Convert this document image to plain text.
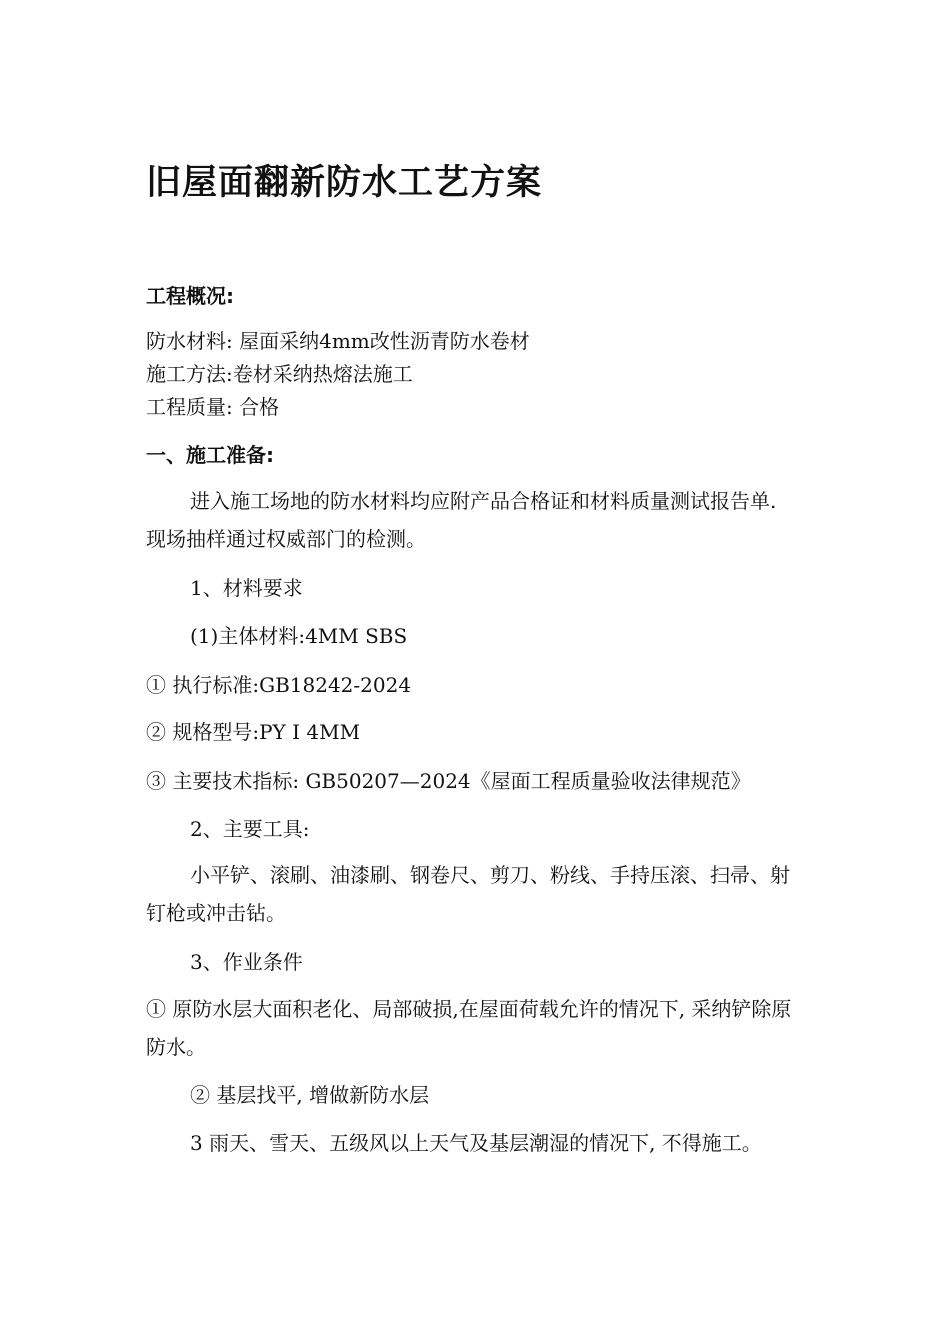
旧屋面翻新防水工艺方案
工程概况:
防水材料: 屋面采纳4mm改性沥青防水卷材
施工方法:卷材采纳热熔法施工
工程质量: 合格
一、施工准备:
进入施工场地的防水材料均应附产品合格证和材料质量测试报告单.现场抽样通过权威部门的检测。
1、材料要求
(1)主体材料:4MM SBS
① 执行标准:GB18242-2024
② 规格型号:PY I 4MM
③ 主要技术指标: GB50207—2024《屋面工程质量验收法律规范》
2、主要工具:
小平铲、滚刷、油漆刷、钢卷尺、剪刀、粉线、手持压滚、扫帚、射钉枪或冲击钻。
3、作业条件
① 原防水层大面积老化、局部破损,在屋面荷载允许的情况下, 采纳铲除原防水。
② 基层找平, 增做新防水层
3 雨天、雪天、五级风以上天气及基层潮湿的情况下, 不得施工。
